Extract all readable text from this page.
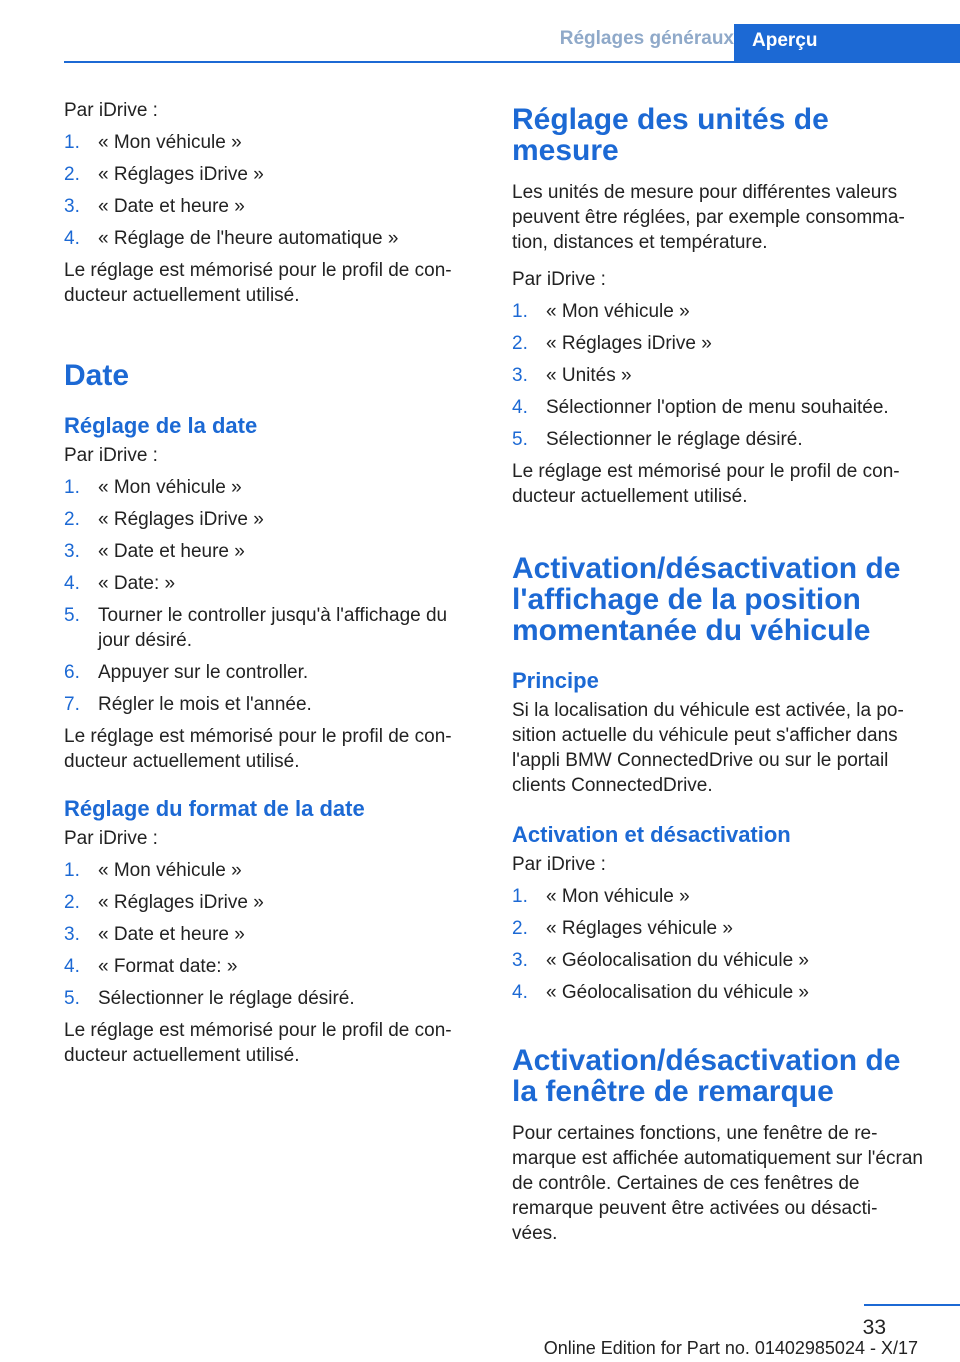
Réglages généraux Aperçu

Par iDrive :

1. « Mon véhicule »
2. « Réglages iDrive »
3. « Date et heure »
4. « Réglage de l'heure automatique »

Le réglage est mémorisé pour le profil de con- ducteur actuellement utilisé.

Date
Réglage de la date

Par iDrive :

1. « Mon véhicule »
2. « Réglages iDrive »
3. « Date et heure »
4. « Date: »
5. Tourner le controller jusqu'à l'affichage du jour désiré.
6. Appuyer sur le controller.
7. Régler le mois et l'année.

Le réglage est mémorisé pour le profil de con- ducteur actuellement utilisé.

Réglage du format de la date

Par iDrive :

1. « Mon véhicule »
2. « Réglages iDrive »
3. « Date et heure »
4. « Format date: »
5. Sélectionner le réglage désiré.

Le réglage est mémorisé pour le profil de con- ducteur actuellement utilisé.

Réglage des unités de mesure

Les unités de mesure pour différentes valeurs peuvent être réglées, par exemple consomma- tion, distances et température.

Par iDrive :

1. « Mon véhicule »
2. « Réglages iDrive »
3. « Unités »
4. Sélectionner l'option de menu souhaitée.
5. Sélectionner le réglage désiré.

Le réglage est mémorisé pour le profil de con- ducteur actuellement utilisé.

Activation/désactivation de l'affichage de la position momentanée du véhicule
Principe

Si la localisation du véhicule est activée, la po- sition actuelle du véhicule peut s'afficher dans l'appli BMW ConnectedDrive ou sur le portail clients ConnectedDrive.

Activation et désactivation

Par iDrive :

1. « Mon véhicule »
2. « Réglages véhicule »
3. « Géolocalisation du véhicule »
4. « Géolocalisation du véhicule »
Activation/désactivation de la fenêtre de remarque

Pour certaines fonctions, une fenêtre de re- marque est affichée automatiquement sur l'écran de contrôle. Certaines de ces fenêtres de remarque peuvent être activées ou désacti- vées.

33
Online Edition for Part no. 01402985024 - X/17
